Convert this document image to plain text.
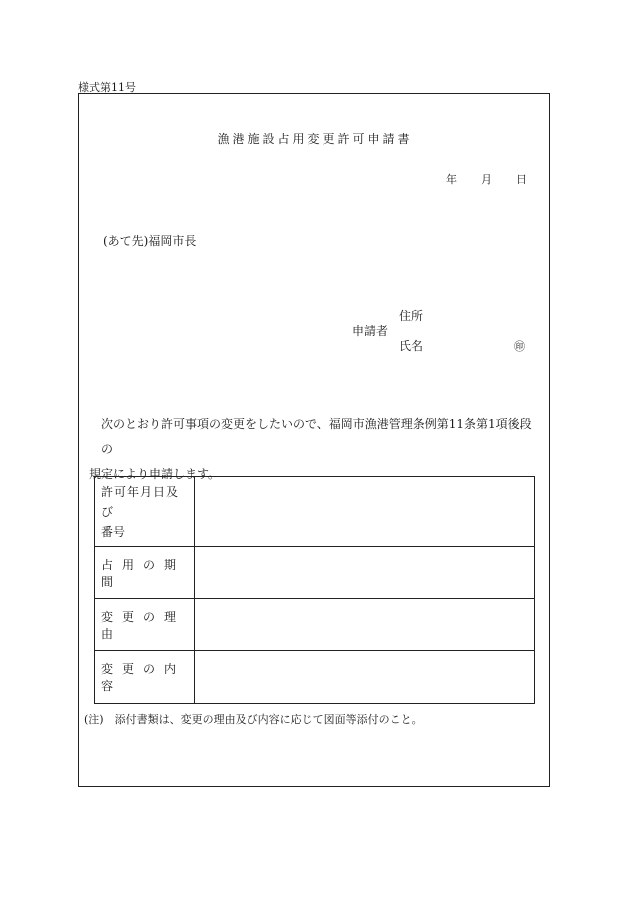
様式第11号
漁港施設占用変更許可申請書
年 月 日
(あて先)福岡市長
申請者
住所
氏名	㊞
次のとおり許可事項の変更をしたいので、福岡市漁港管理条例第11条第1項後段の
規定により申請します。
許可年月日及び
番号	

占用の期間	
変更の理由	
変更の内容	
(注)　添付書類は、変更の理由及び内容に応じて図面等添付のこと。
